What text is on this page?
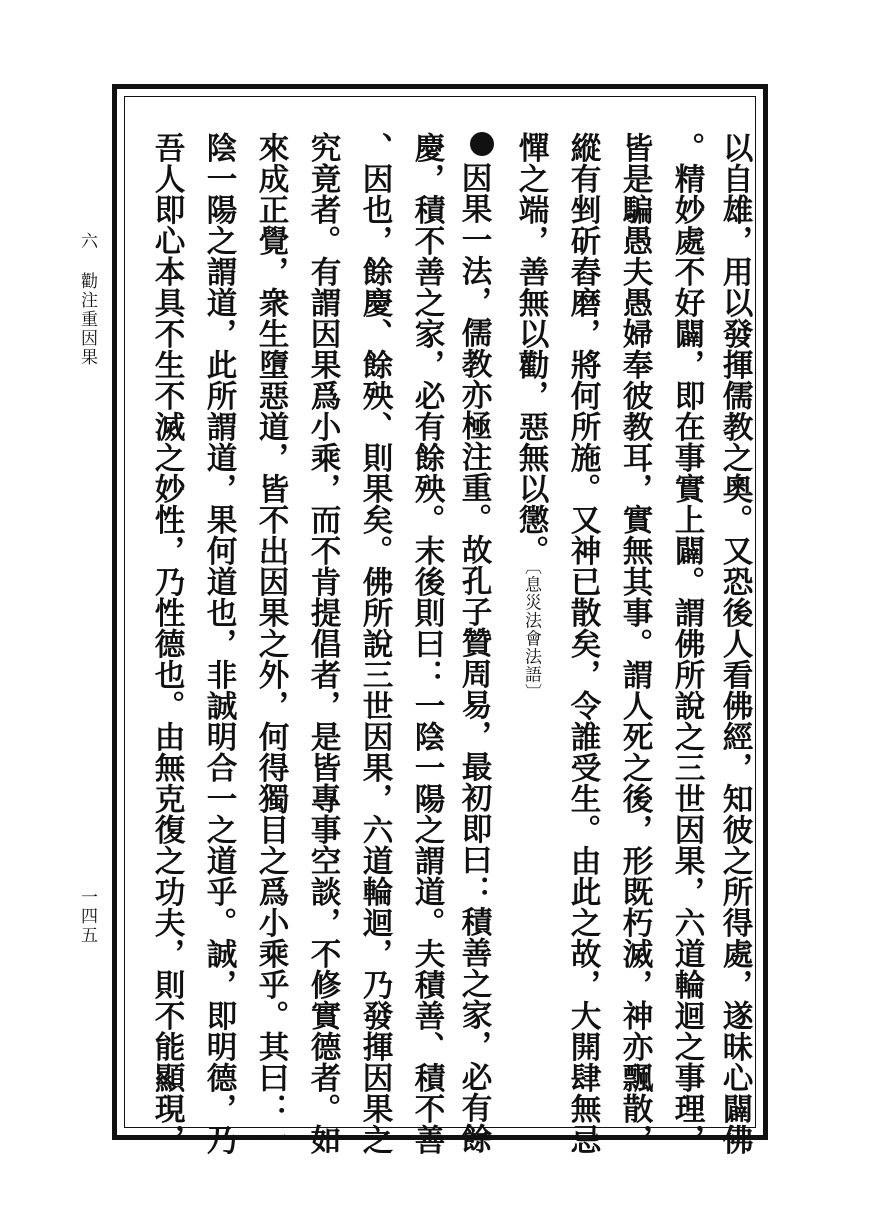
六
勸注重因果
一四五 吾人即心本具不生不滅之妙性，乃性德也。由無克復之功夫，則不能顯現， 陰一陽之謂道，此所謂道，果何道也，非誠明合一之道乎。誠，即明德，乃 來成正覺，衆生墮惡道，皆不出因果之外，何得獨目之爲小乘乎。其曰：一 究竟者。有謂因果爲小乘，而不肯提倡者，是皆專事空談，不修實德者。如 、因也，餘慶、餘殃、則果矣。佛所說三世因果，六道輪迴，乃發揮因果之 慶，積不善之家，必有餘殃。末後則曰：一陰一陽之謂道。夫積善、積不善 因果一法，儒教亦極注重。故孔子贊周易，最初即曰：積善之家，必有餘 憚之端，善無以勸，惡無以懲。〔息災法會法語〕 縱有剉斫舂磨，將何所施。又神已散矣，令誰受生。由此之故，大開肆無忌 皆是騙愚夫愚婦奉彼教耳，實無其事。謂人死之後，形既朽滅，神亦飄散， 。精妙處不好闢，即在事實上闢。謂佛所說之三世因果，六道輪迴之事理， 以自雄，用以發揮儒教之奧。又恐後人看佛經，知彼之所得處，遂昧心闢佛
